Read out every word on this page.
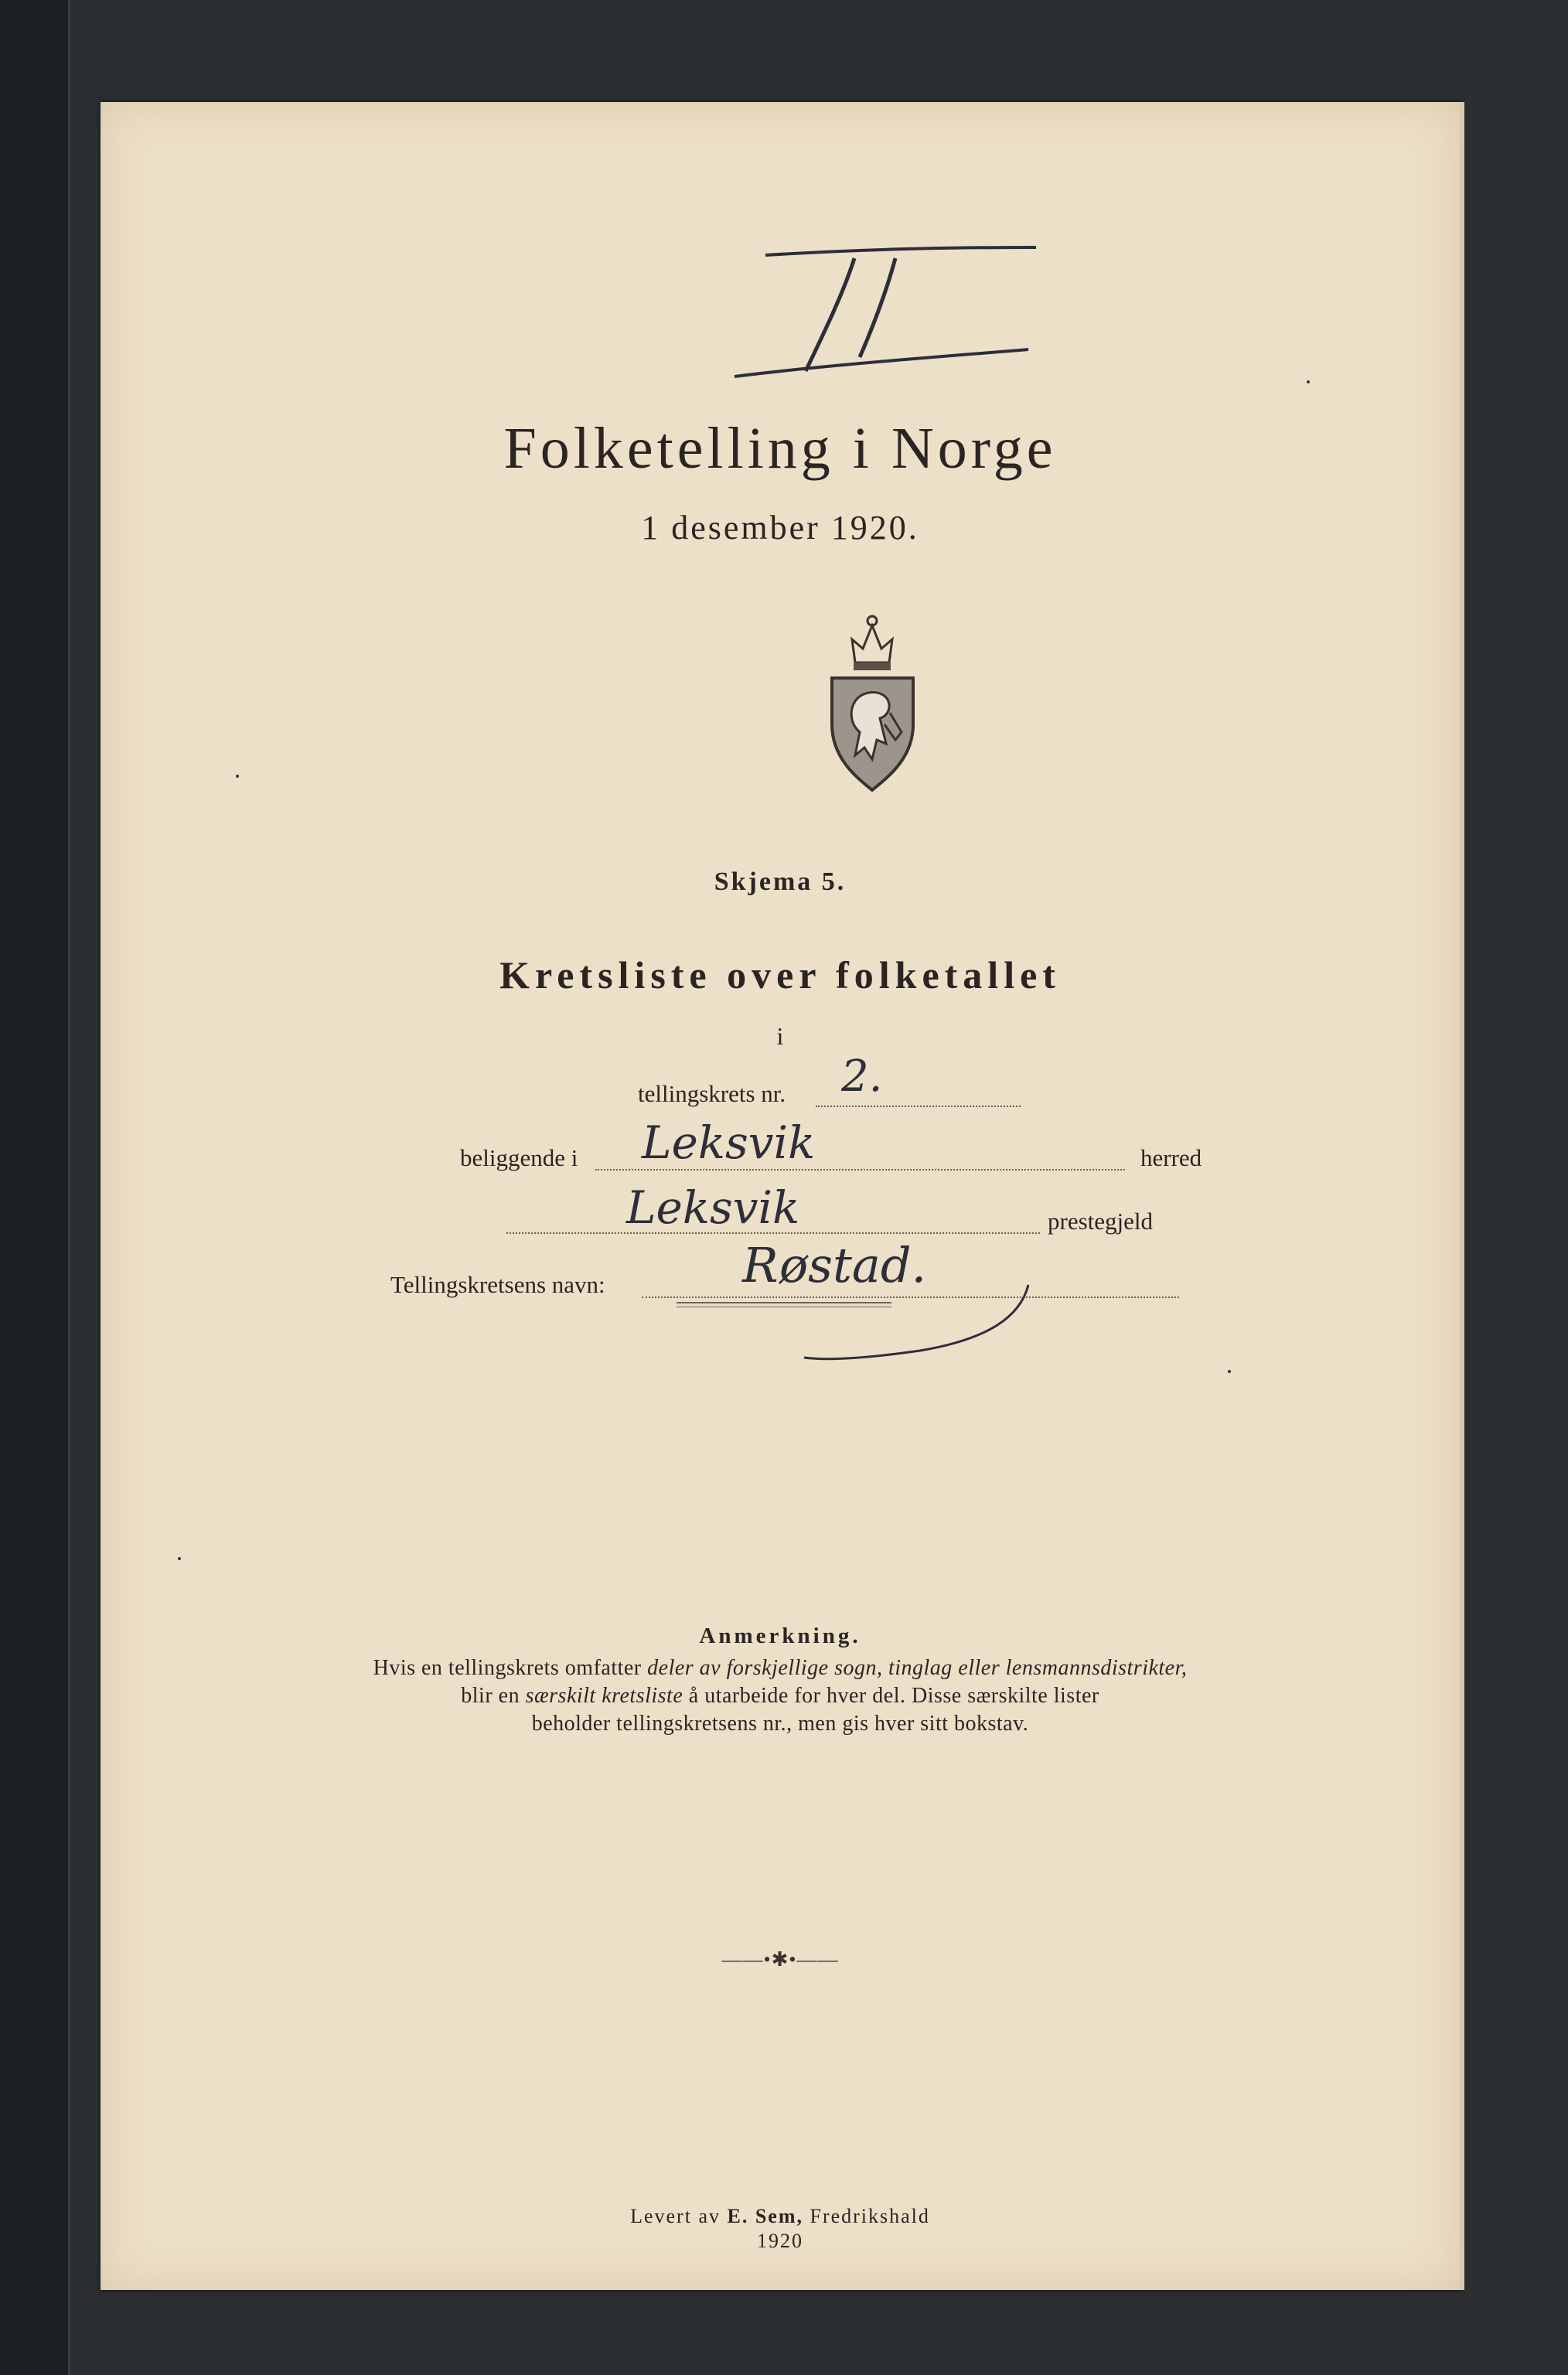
Folketelling i Norge
1 desember 1920.
Skjema 5.
Kretsliste over folketallet
i
tellingskrets nr. 2.
beliggende i Leksvik	herred
Leksvik	prestegjeld
Tellingskretsens navn:	Røstad.
Anmerkning.
Hvis en tellingskrets omfatter deler av forskjellige sogn, tinglag eller lensmannsdistrikter,
blir en særskilt kretsliste å utarbeide for hver del. Disse særskilte lister
beholder tellingskretsens nr., men gis hver sitt bokstav.
——•✱•——
Levert av E. Sem, Fredrikshald
1920
